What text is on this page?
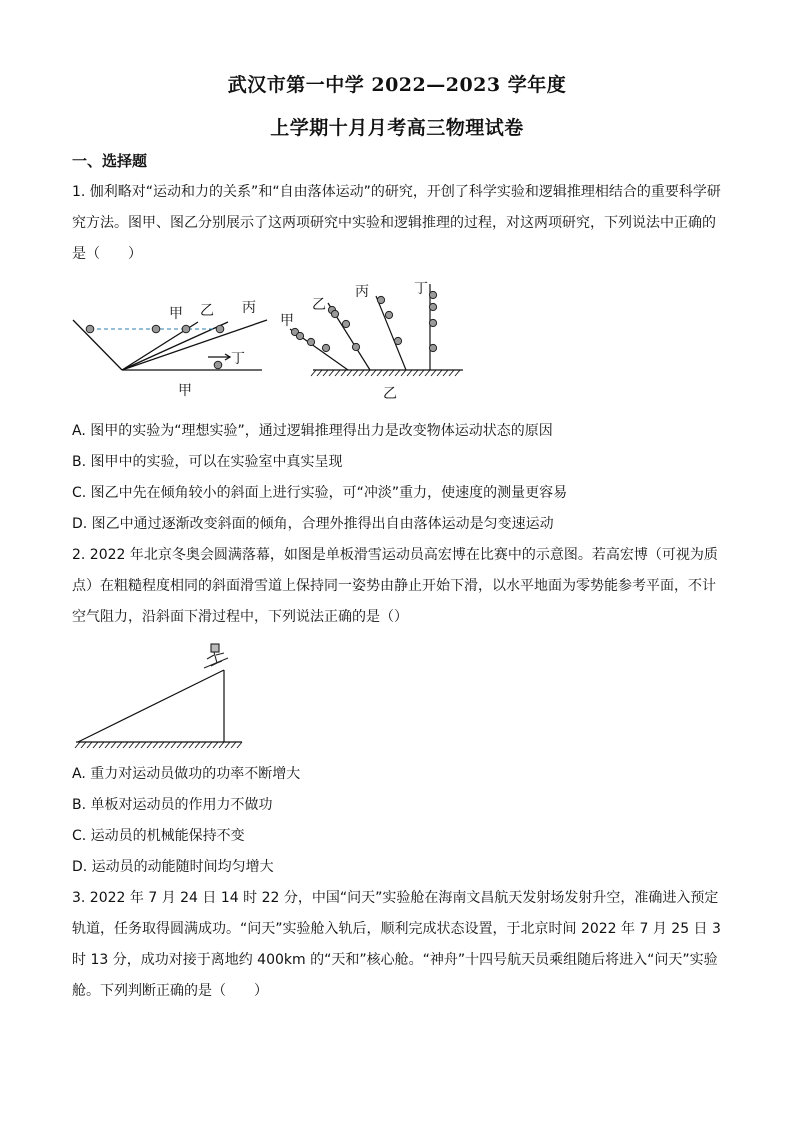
武汉市第一中学 2022—2023 学年度
上学期十月月考高三物理试卷
一、选择题
1. 伽利略对“运动和力的关系”和“自由落体运动”的研究，开创了科学实验和逻辑推理相结合的重要科学研究方法。图甲、图乙分别展示了这两项研究中实验和逻辑推理的过程，对这两项研究，下列说法中正确的是（　　）
甲 乙 丙
丁
甲
甲
乙
丙	丁
乙
A. 图甲的实验为“理想实验”，通过逻辑推理得出力是改变物体运动状态的原因
B. 图甲中的实验，可以在实验室中真实呈现
C. 图乙中先在倾角较小的斜面上进行实验，可“冲淡”重力，使速度的测量更容易
D. 图乙中通过逐渐改变斜面的倾角，合理外推得出自由落体运动是匀变速运动
2. 2022 年北京冬奥会圆满落幕，如图是单板滑雪运动员高宏博在比赛中的示意图。若高宏博（可视为质点）在粗糙程度相同的斜面滑雪道上保持同一姿势由静止开始下滑，以水平地面为零势能参考平面，不计空气阻力，沿斜面下滑过程中，下列说法正确的是（）
A. 重力对运动员做功的功率不断增大
B. 单板对运动员的作用力不做功
C. 运动员的机械能保持不变
D. 运动员的动能随时间均匀增大
3. 2022 年 7 月 24 日 14 时 22 分，中国“问天”实验舱在海南文昌航天发射场发射升空，准确进入预定轨道，任务取得圆满成功。“问天”实验舱入轨后，顺利完成状态设置，于北京时间 2022 年 7 月 25 日 3 时 13 分，成功对接于离地约 400km 的“天和”核心舱。“神舟”十四号航天员乘组随后将进入“问天”实验舱。下列判断正确的是（　　）
